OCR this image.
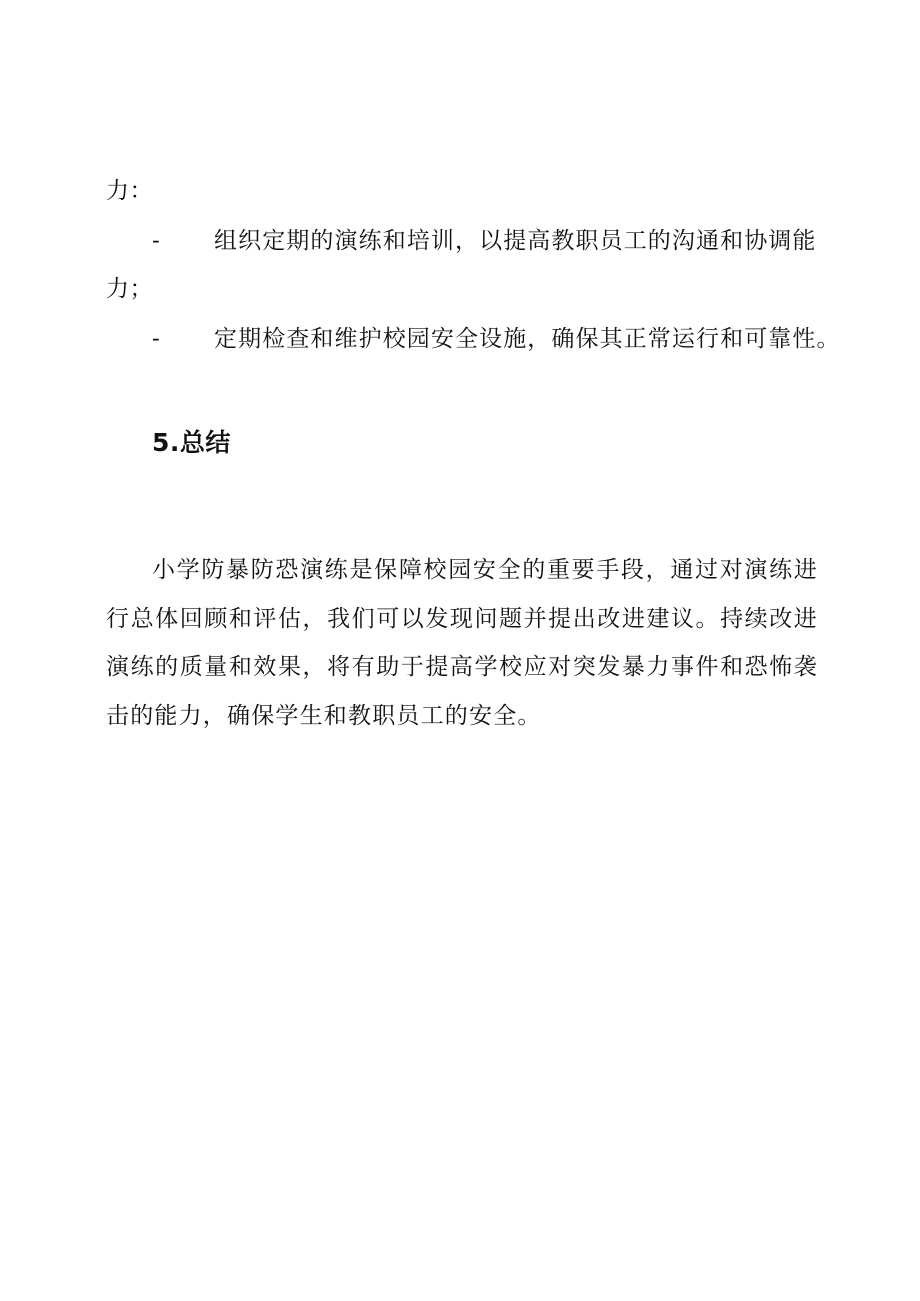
力：
- 组织定期的演练和培训，以提高教职员工的沟通和协调能
力；
- 定期检查和维护校园安全设施，确保其正常运行和可靠性。
5.总结
小学防暴防恐演练是保障校园安全的重要手段，通过对演练进行总体回顾和评估，我们可以发现问题并提出改进建议。持续改进演练的质量和效果，将有助于提高学校应对突发暴力事件和恐怖袭击的能力，确保学生和教职员工的安全。
